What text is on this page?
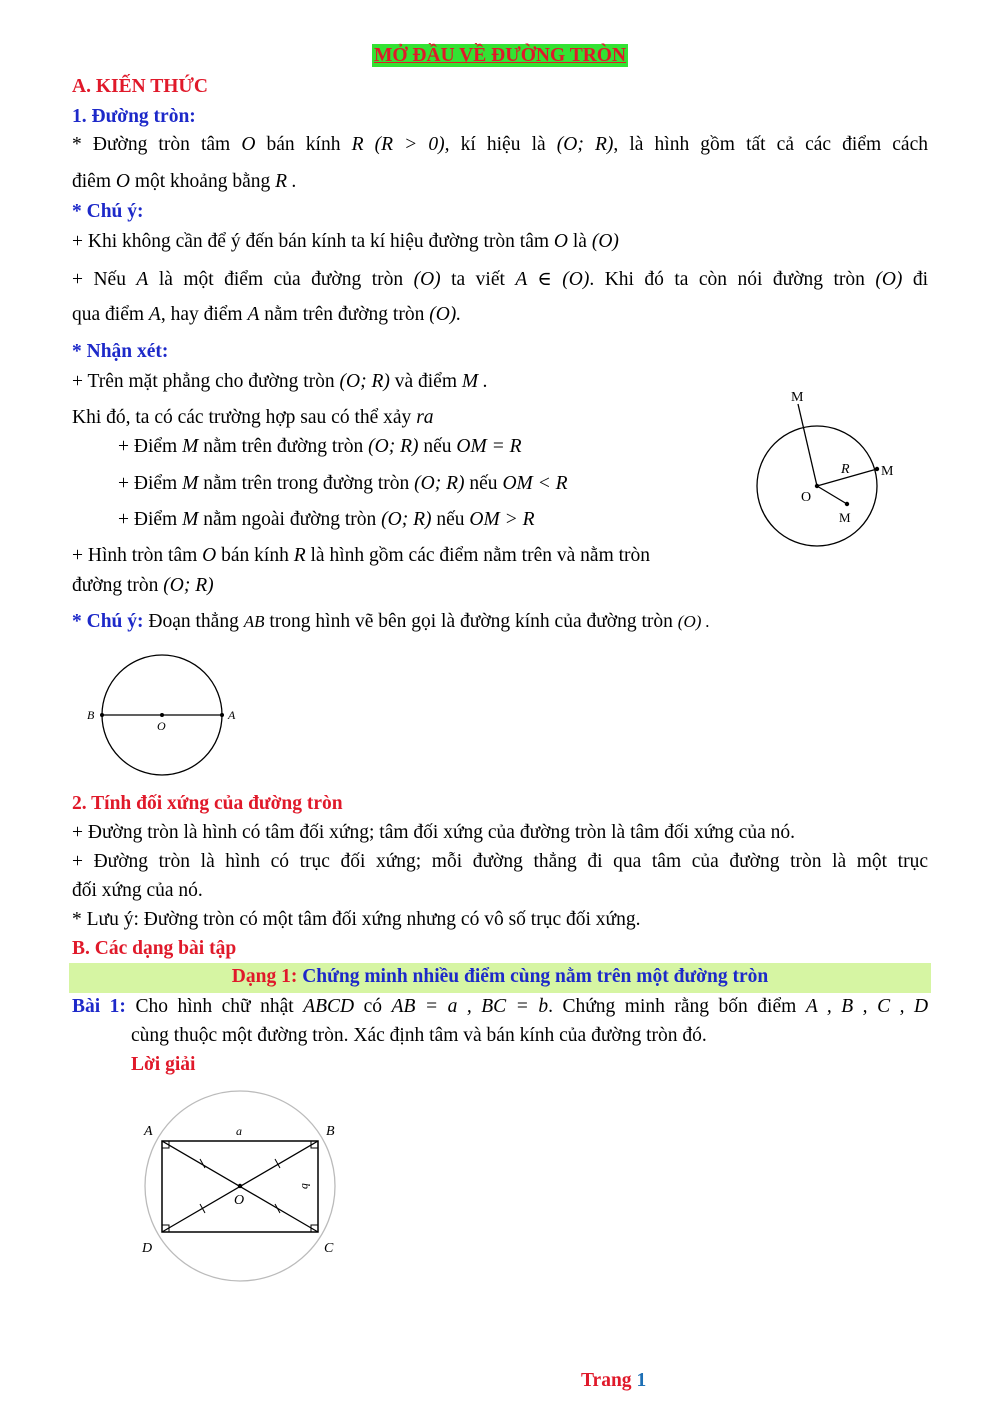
MỞ ĐẦU VỀ ĐƯỜNG TRÒN
A. KIẾN THỨC
1. Đường tròn:
* Đường tròn tâm O bán kính R (R > 0), kí hiệu là (O; R), là hình gồm tất cả các điểm cách
điêm O một khoảng bằng R .
* Chú ý:
+ Khi không cần để ý đến bán kính ta kí hiệu đường tròn tâm O là (O)
+ Nếu A là một điểm của đường tròn (O) ta viết A ∈ (O). Khi đó ta còn nói đường tròn (O) đi
qua điểm A, hay điểm A nằm trên đường tròn (O).
* Nhận xét:
+ Trên mặt phẳng cho đường tròn (O; R) và điểm M .
Khi đó, ta có các trường hợp sau có thể xảy ra
+ Điểm M nằm trên đường tròn (O; R) nếu OM = R
+ Điểm M nằm trên trong đường tròn (O; R) nếu OM < R
+ Điểm M nằm ngoài đường tròn (O; R) nếu OM > R
+ Hình tròn tâm O bán kính R là hình gồm các điểm nằm trên và nằm tròn
đường tròn (O; R)
M
M
M
O
R
* Chú ý: Đoạn thẳng AB trong hình vẽ bên gọi là đường kính của đường tròn (O) .
B
O
A
2. Tính đối xứng của đường tròn
+ Đường tròn là hình có tâm đối xứng; tâm đối xứng của đường tròn là tâm đối xứng của nó.
+ Đường tròn là hình có trục đối xứng; mỗi đường thẳng đi qua tâm của đường tròn là một trục
đối xứng của nó.
* Lưu ý: Đường tròn có một tâm đối xứng nhưng có vô số trục đối xứng.
B. Các dạng bài tập
Dạng 1: Chứng minh nhiều điểm cùng nằm trên một đường tròn
Bài 1: Cho hình chữ nhật ABCD có AB = a , BC = b. Chứng minh rằng bốn điểm A , B , C , D
cùng thuộc một đường tròn. Xác định tâm và bán kính của đường tròn đó.
Lời giải
A	B
C
D
O
a
b
Trang 1
